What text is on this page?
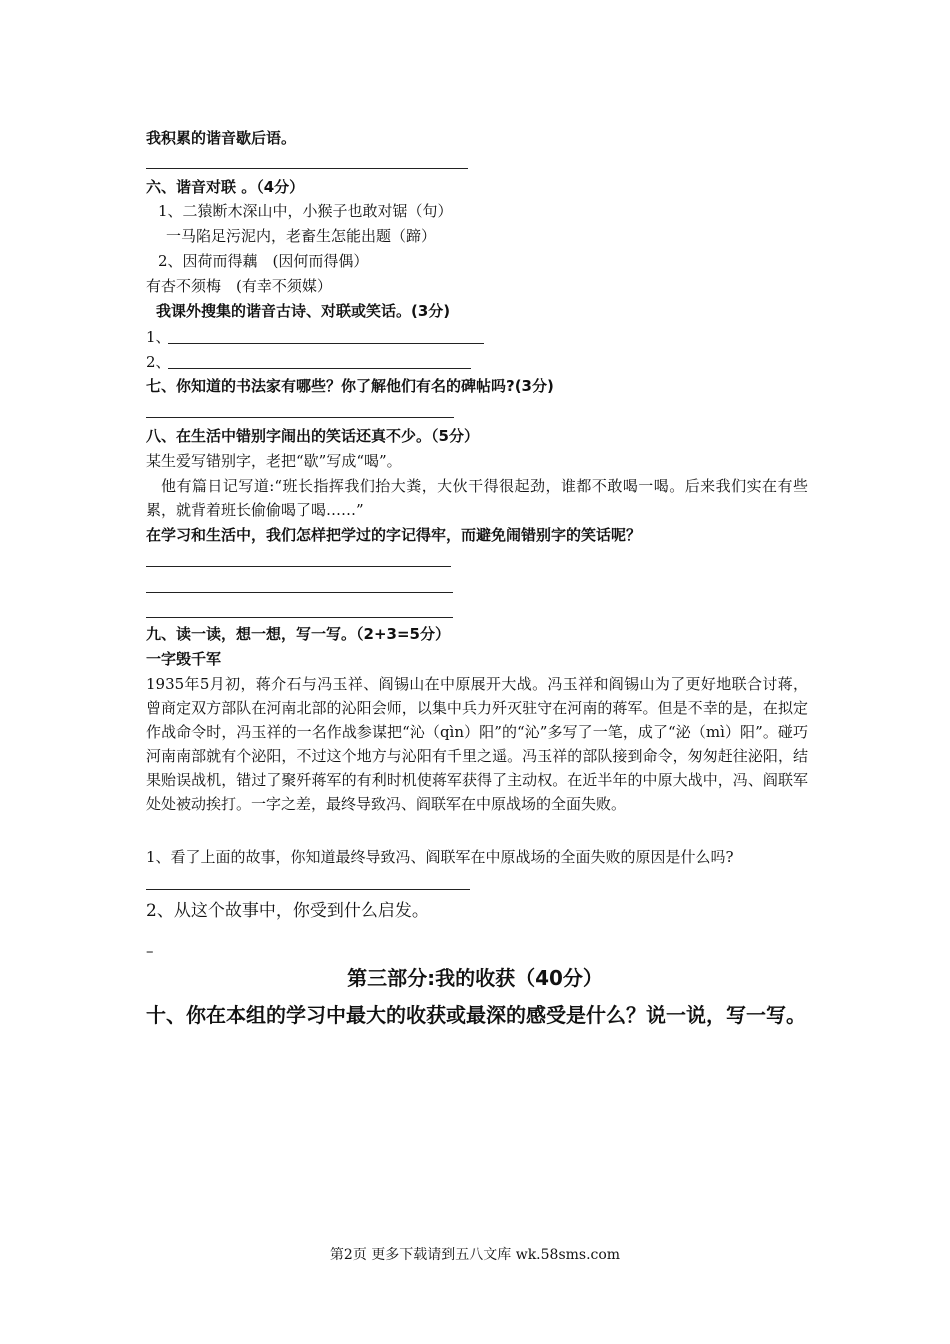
我积累的谐音歇后语。
六、谐音对联 。（4分）
1、二猿断木深山中，小猴子也敢对锯（句）
一马陷足污泥内，老畜生怎能出题（蹄）
2、因荷而得藕　(因何而得偶）
有杏不须梅　(有幸不须媒）
我课外搜集的谐音古诗、对联或笑话。(3分)
1、
2、
七、你知道的书法家有哪些？你了解他们有名的碑帖吗?(3分)
八、在生活中错别字闹出的笑话还真不少。（5分）
某生爱写错别字，老把“歇”写成“喝”。
他有篇日记写道:“班长指挥我们抬大粪，大伙干得很起劲，谁都不敢喝一喝。后来我们实在有些累，就背着班长偷偷喝了喝……”
在学习和生活中，我们怎样把学过的字记得牢，而避免闹错别字的笑话呢？
九、读一读，想一想，写一写。（2+3=5分）
一字毁千军
1935年5月初，蒋介石与冯玉祥、阎锡山在中原展开大战。冯玉祥和阎锡山为了更好地联合讨蒋，曾商定双方部队在河南北部的沁阳会师，以集中兵力歼灭驻守在河南的蒋军。但是不幸的是，在拟定作战命令时，冯玉祥的一名作战参谋把“沁（qìn）阳”的“沁”多写了一笔，成了“泌（mì）阳”。碰巧河南南部就有个泌阳，不过这个地方与沁阳有千里之遥。冯玉祥的部队接到命令，匆匆赶往泌阳，结果贻误战机，错过了聚歼蒋军的有利时机使蒋军获得了主动权。在近半年的中原大战中，冯、阎联军处处被动挨打。一字之差，最终导致冯、阎联军在中原战场的全面失败。
1、看了上面的故事，你知道最终导致冯、阎联军在中原战场的全面失败的原因是什么吗?
2、从这个故事中，你受到什么启发。
–
第三部分:我的收获（40分）
十、你在本组的学习中最大的收获或最深的感受是什么？说一说，写一写。
第2页 更多下载请到五八文库 wk.58sms.com
